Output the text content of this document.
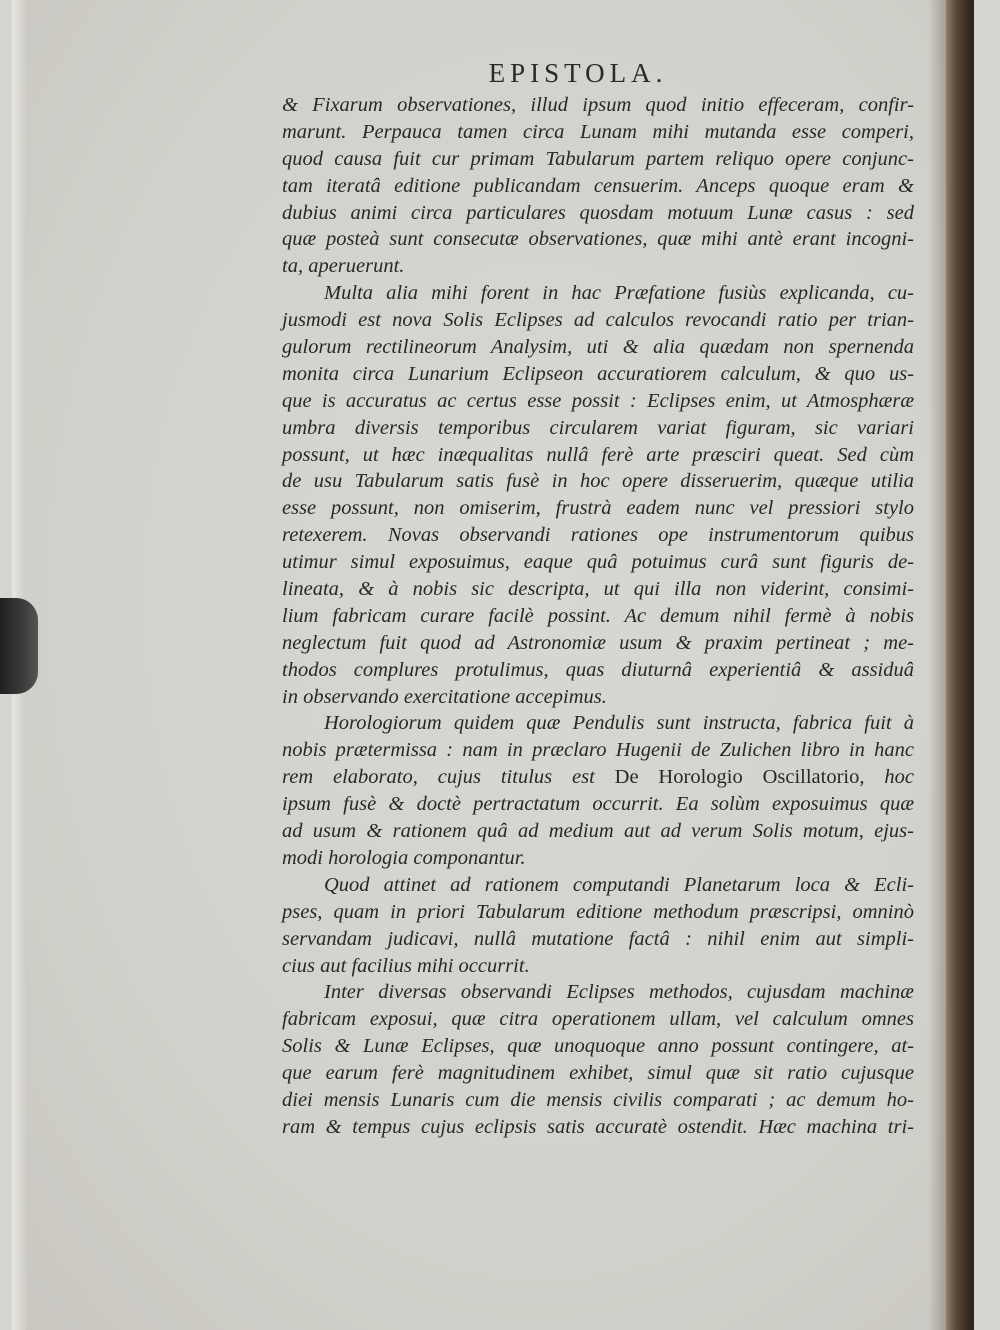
EPISTOLA.
& Fixarum observationes, illud ipsum quod initio effeceram, confir-
marunt. Perpauca tamen circa Lunam mihi mutanda esse comperi,
quod causa fuit cur primam Tabularum partem reliquo opere conjunc-
tam iteratâ editione publicandam censuerim. Anceps quoque eram &
dubius animi circa particulares quosdam motuum Lunæ casus : sed
quæ posteà sunt consecutæ observationes, quæ mihi antè erant incogni-
ta, aperuerunt.
Multa alia mihi forent in hac Præfatione fusiùs explicanda, cu-
jusmodi est nova Solis Eclipses ad calculos revocandi ratio per trian-
gulorum rectilineorum Analysim, uti & alia quædam non spernenda
monita circa Lunarium Eclipseon accuratiorem calculum, & quo us-
que is accuratus ac certus esse possit : Eclipses enim, ut Atmosphæræ
umbra diversis temporibus circularem variat figuram, sic variari
possunt, ut hæc inæqualitas nullâ ferè arte præsciri queat. Sed cùm
de usu Tabularum satis fusè in hoc opere disseruerim, quæque utilia
esse possunt, non omiserim, frustrà eadem nunc vel pressiori stylo
retexerem. Novas observandi rationes ope instrumentorum quibus
utimur simul exposuimus, eaque quâ potuimus curâ sunt figuris de-
lineata, & à nobis sic descripta, ut qui illa non viderint, consimi-
lium fabricam curare facilè possint. Ac demum nihil fermè à nobis
neglectum fuit quod ad Astronomiæ usum & praxim pertineat ; me-
thodos complures protulimus, quas diuturnâ experientiâ & assiduâ
in observando exercitatione accepimus.
Horologiorum quidem quæ Pendulis sunt instructa, fabrica fuit à
nobis prætermissa : nam in præclaro Hugenii de Zulichen libro in hanc
rem elaborato, cujus titulus est De Horologio Oscillatorio, hoc
ipsum fusè & doctè pertractatum occurrit. Ea solùm exposuimus quæ
ad usum & rationem quâ ad medium aut ad verum Solis motum, ejus-
modi horologia componantur.
Quod attinet ad rationem computandi Planetarum loca & Ecli-
pses, quam in priori Tabularum editione methodum præscripsi, omninò
servandam judicavi, nullâ mutatione factâ : nihil enim aut simpli-
cius aut facilius mihi occurrit.
Inter diversas observandi Eclipses methodos, cujusdam machinæ
fabricam exposui, quæ citra operationem ullam, vel calculum omnes
Solis & Lunæ Eclipses, quæ unoquoque anno possunt contingere, at-
que earum ferè magnitudinem exhibet, simul quæ sit ratio cujusque
diei mensis Lunaris cum die mensis civilis comparati ; ac demum ho-
ram & tempus cujus eclipsis satis accuratè ostendit. Hæc machina tri-
